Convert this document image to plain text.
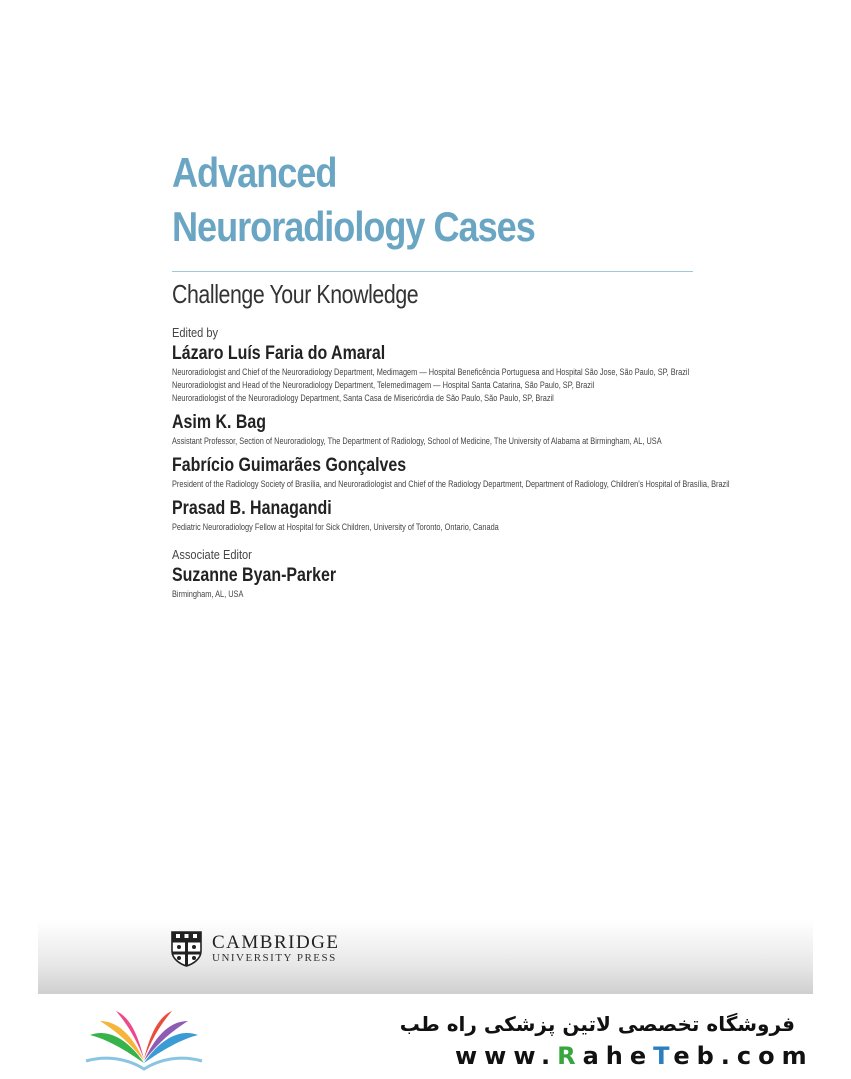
Advanced
Neuroradiology Cases
Challenge Your Knowledge
Edited by
Lázaro Luís Faria do Amaral
Neuroradiologist and Chief of the Neuroradiology Department, Medimagem — Hospital Beneficência Portuguesa and Hospital São Jose, São Paulo, SP, Brazil
Neuroradiologist and Head of the Neuroradiology Department, Telemedimagem — Hospital Santa Catarina, São Paulo, SP, Brazil
Neuroradiologist of the Neuroradiology Department, Santa Casa de Misericórdia de São Paulo, São Paulo, SP, Brazil
Asim K. Bag
Assistant Professor, Section of Neuroradiology, The Department of Radiology, School of Medicine, The University of Alabama at Birmingham, AL, USA
Fabrício Guimarães Gonçalves
President of the Radiology Society of Brasília, and Neuroradiologist and Chief of the Radiology Department, Department of Radiology, Children's Hospital of Brasília, Brazil
Prasad B. Hanagandi
Pediatric Neuroradiology Fellow at Hospital for Sick Children, University of Toronto, Ontario, Canada
Associate Editor
Suzanne Byan-Parker
Birmingham, AL, USA
CAMBRIDGE
UNIVERSITY PRESS
فروشگاه تخصصی لاتین پزشکی راه طب
www.RaheTeb.com
